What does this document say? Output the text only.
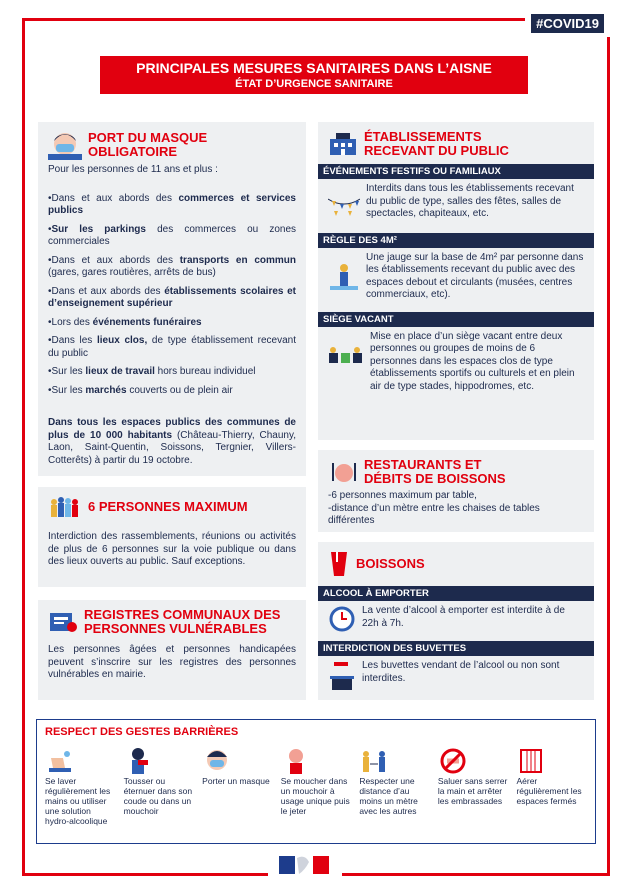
#COVID19
PRINCIPALES MESURES SANITAIRES DANS L’AISNE
ÉTAT D’URGENCE SANITAIRE
PORT DU MASQUE OBLIGATOIRE
Pour les personnes de 11 ans et plus :
•Dans et aux abords des commerces et services publics
•Sur les parkings des commerces ou zones commerciales
•Dans et aux abords des transports en commun (gares, gares routières, arrêts de bus)
•Dans et aux abords des établissements scolaires et d’enseignement supérieur
•Lors des événements funéraires
•Dans les lieux clos, de type établissement recevant du public
•Sur les lieux de travail hors bureau individuel
•Sur les marchés couverts ou de plein air
Dans tous les espaces publics des communes de plus de 10 000 habitants (Château-Thierry, Chauny, Laon, Saint-Quentin, Soissons, Tergnier, Villers-Cotterêts) à partir du 19 octobre.
6 PERSONNES MAXIMUM
Interdiction des rassemblements, réunions ou activités de plus de 6 personnes sur la voie publique ou dans des lieux ouverts au public. Sauf exceptions.
REGISTRES COMMUNAUX DES PERSONNES VULNÉRABLES
Les personnes âgées et personnes handicapées peuvent s’inscrire sur les registres des personnes vulnérables en mairie.
ÉTABLISSEMENTS RECEVANT DU PUBLIC
ÉVÉNEMENTS FESTIFS OU FAMILIAUX
Interdits dans tous les établissements recevant du public de type, salles des fêtes, salles de spectacles, chapiteaux, etc.
RÈGLE DES 4M²
Une jauge sur la base de 4m² par personne dans les établissements recevant du public avec des espaces debout et circulants (musées, centres commerciaux, etc).
SIÈGE VACANT
Mise en place d’un siège vacant entre deux personnes ou groupes de moins de 6 personnes dans les espaces clos de type établissements sportifs ou culturels et en plein air de type stades, hippodromes, etc.
RESTAURANTS ET DÉBITS DE BOISSONS
-6 personnes maximum par table,
-distance d’un mètre entre les chaises de tables différentes
BOISSONS
ALCOOL À EMPORTER
La vente d’alcool à emporter est interdite à de 22h à 7h.
INTERDICTION DES BUVETTES
Les buvettes vendant de l’alcool ou non sont interdites.
RESPECT DES GESTES BARRIÈRES
Se laver régulièrement les mains ou utiliser une solution hydro-alcoolique
Tousser ou éternuer dans son coude ou dans un mouchoir
Porter un masque	Se moucher dans un mouchoir à usage unique puis le jeter
Respecter une distance d’au moins un mètre avec les autres
Saluer sans serrer la main et arrêter les embrassades
Aérer régulièrement les espaces fermés
